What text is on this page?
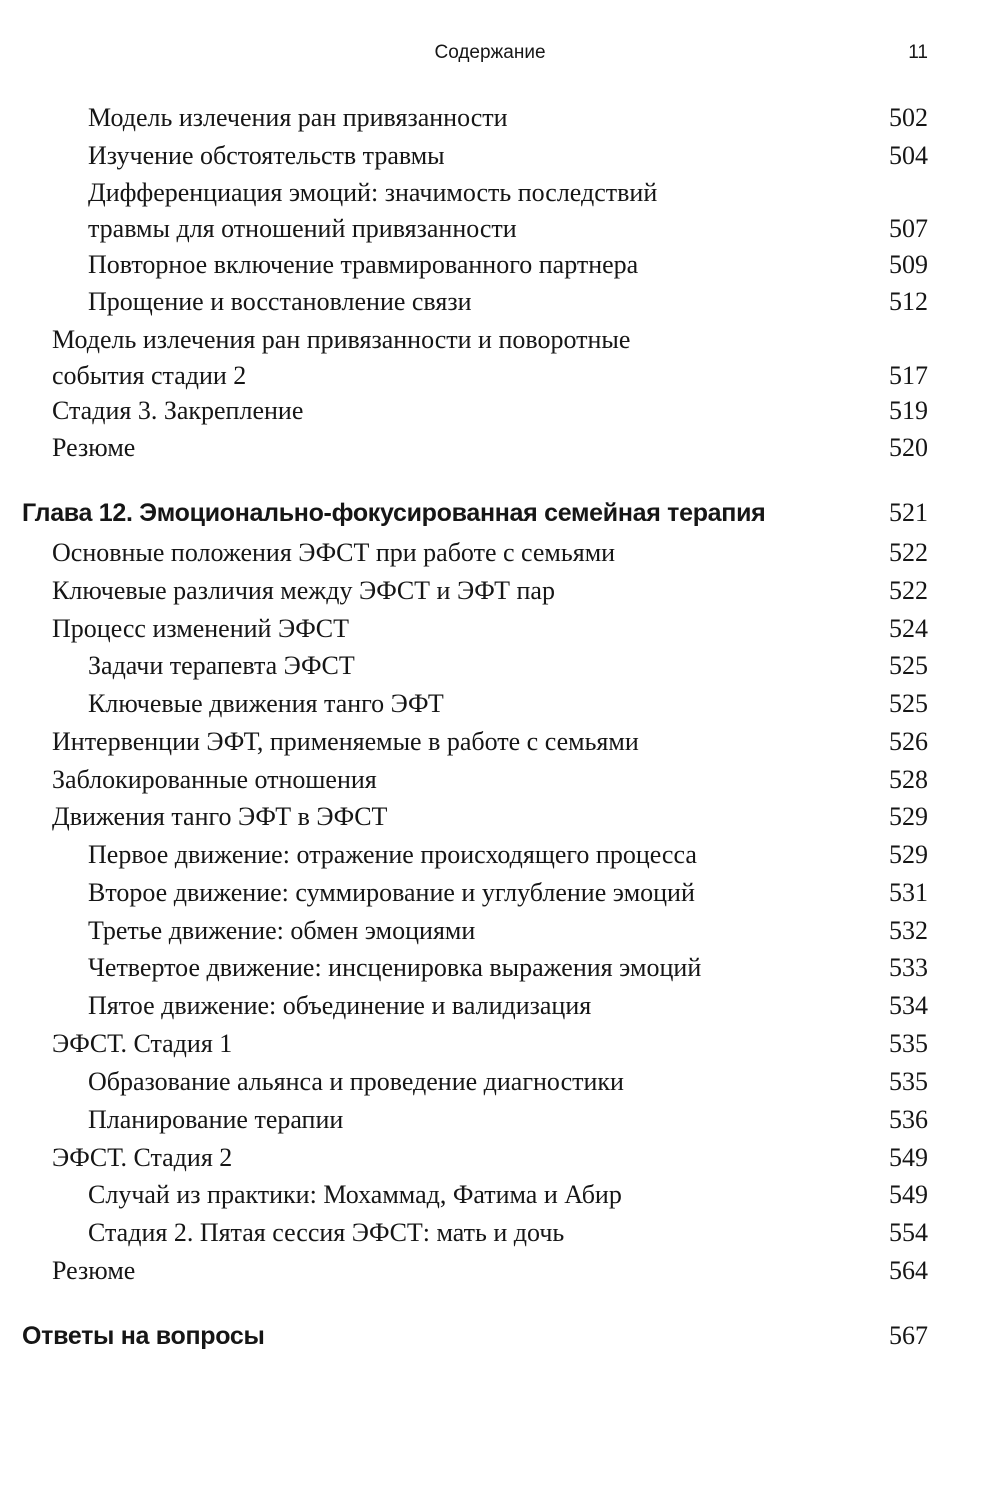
Содержание	11
Модель излечения ран привязанности	502
Изучение обстоятельств травмы	504
Дифференциация эмоций: значимость последствий
травмы для отношений привязанности	507
Повторное включение травмированного партнера	509
Прощение и восстановление связи	512
Модель излечения ран привязанности и поворотные
события стадии 2	517
Стадия 3. Закрепление	519
Резюме	520
Глава 12. Эмоционально-фокусированная семейная терапия	521
Основные положения ЭФСТ при работе с семьями	522
Ключевые различия между ЭФСТ и ЭФТ пар	522
Процесс изменений ЭФСТ	524
Задачи терапевта ЭФСТ	525
Ключевые движения танго ЭФТ	525
Интервенции ЭФТ, применяемые в работе с семьями	526
Заблокированные отношения	528
Движения танго ЭФТ в ЭФСТ	529
Первое движение: отражение происходящего процесса	529
Второе движение: суммирование и углубление эмоций	531
Третье движение: обмен эмоциями	532
Четвертое движение: инсценировка выражения эмоций	533
Пятое движение: объединение и валидизация	534
ЭФСТ. Стадия 1	535
Образование альянса и проведение диагностики	535
Планирование терапии	536
ЭФСТ. Стадия 2	549
Случай из практики: Мохаммад, Фатима и Абир	549
Стадия 2. Пятая сессия ЭФСТ: мать и дочь	554
Резюме	564
Ответы на вопросы	567
